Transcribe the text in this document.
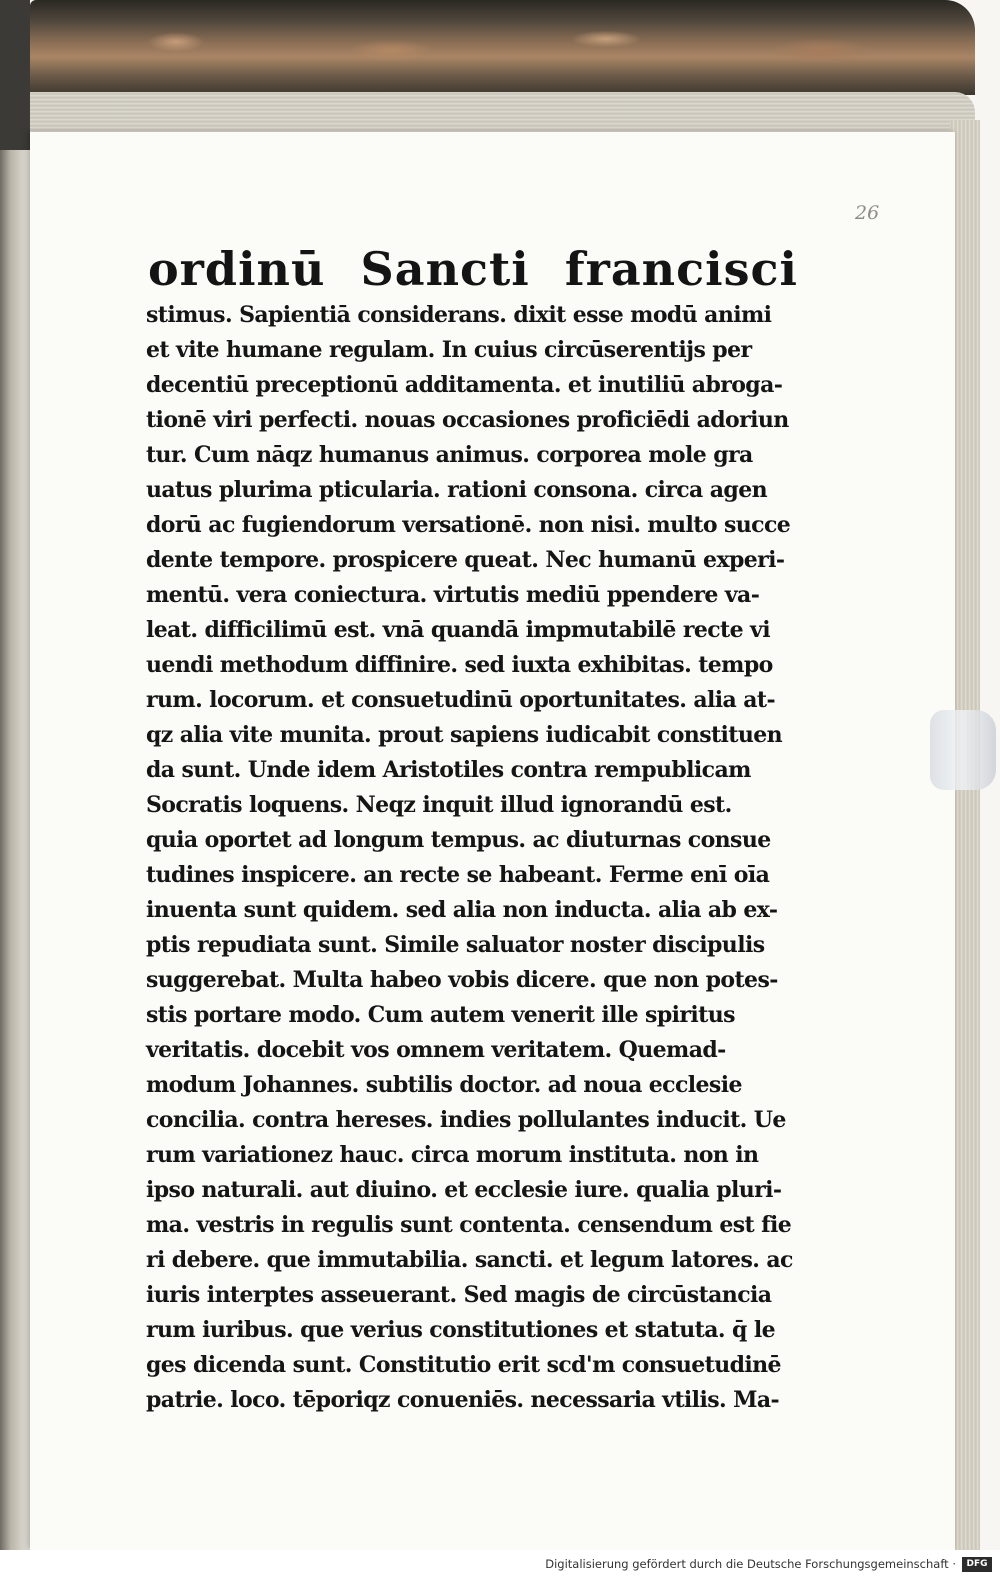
26
ordinū Sancti francisci
stimus. Sapientiā considerans. dixit esse modū animi
et vite humane regulam. In cuius circūserentijs per
decentiū preceptionū additamenta. et inutiliū abroga-
tionē viri perfecti. nouas occasiones proficiēdi adoriun
tur. Cum nāqz humanus animus. corporea mole gra
uatus plurima pticularia. rationi consona. circa agen
dorū ac fugiendorum versationē. non nisi. multo succe
dente tempore. prospicere queat. Nec humanū experi-
mentū. vera coniectura. virtutis mediū ppendere va-
leat. difficilimū est. vnā quandā impmutabilē recte vi
uendi methodum diffinire. sed iuxta exhibitas. tempo
rum. locorum. et consuetudinū oportunitates. alia at-
qz alia vite munita. prout sapiens iudicabit constituen
da sunt. Unde idem Aristotiles contra rempublicam
Socratis loquens. Neqz inquit illud ignorandū est.
quia oportet ad longum tempus. ac diuturnas consue
tudines inspicere. an recte se habeant. Ferme enī oīa
inuenta sunt quidem. sed alia non inducta. alia ab ex-
ptis repudiata sunt. Simile saluator noster discipulis
suggerebat. Multa habeo vobis dicere. que non potes-
stis portare modo. Cum autem venerit ille spiritus
veritatis. docebit vos omnem veritatem. Quemad-
modum Johannes. subtilis doctor. ad noua ecclesie
concilia. contra hereses. indies pollulantes inducit. Ue
rum variationez hauc. circa morum instituta. non in
ipso naturali. aut diuino. et ecclesie iure. qualia pluri-
ma. vestris in regulis sunt contenta. censendum est fie
ri debere. que immutabilia. sancti. et legum latores. ac
iuris interptes asseuerant. Sed magis de circūstancia
rum iuribus. que verius constitutiones et statuta. q̄ le
ges dicenda sunt. Constitutio erit scd'm consuetudinē
patrie. loco. tēporiqz conueniēs. necessaria vtilis. Ma-
Digitalisierung gefördert durch die Deutsche Forschungsgemeinschaft ·	DFG
